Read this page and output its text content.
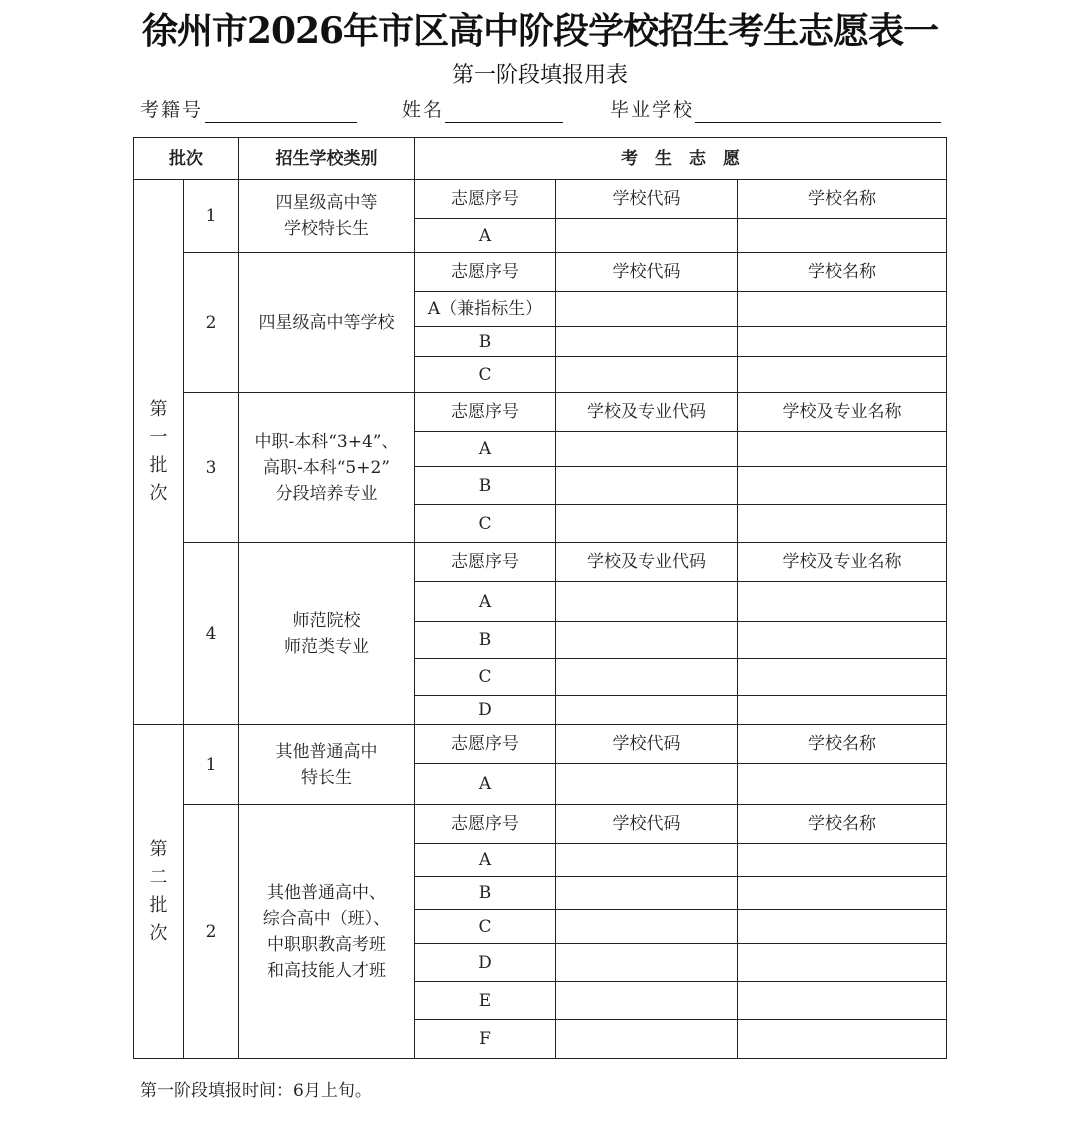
徐州市2026年市区高中阶段学校招生考生志愿表一
第一阶段填报用表
考籍号	姓名	毕业学校
批次		招生学校类别	考　生　志　愿		
第一批次	1	四星级高中等
学校特长生	志愿序号	学校代码	学校名称
			A		
	2	四星级高中等学校	志愿序号	学校代码	学校名称
			A（兼指标生）		
			B		
			C		
	3	中职-本科“3+4”、
高职-本科“5+2”
分段培养专业	志愿序号	学校及专业代码	学校及专业名称
			A		
			B		
			C		
	4	师范院校
师范类专业	志愿序号	学校及专业代码	学校及专业名称
			A		
			B		
			C		
			D		
第二批次	1	其他普通高中
特长生	志愿序号	学校代码	学校名称
			A		
	2	其他普通高中、
综合高中（班）、
中职职教高考班
和高技能人才班	志愿序号	学校代码	学校名称
			A		
			B		
			C		
			D		
			E		
			F		
第一阶段填报时间：6月上旬。
